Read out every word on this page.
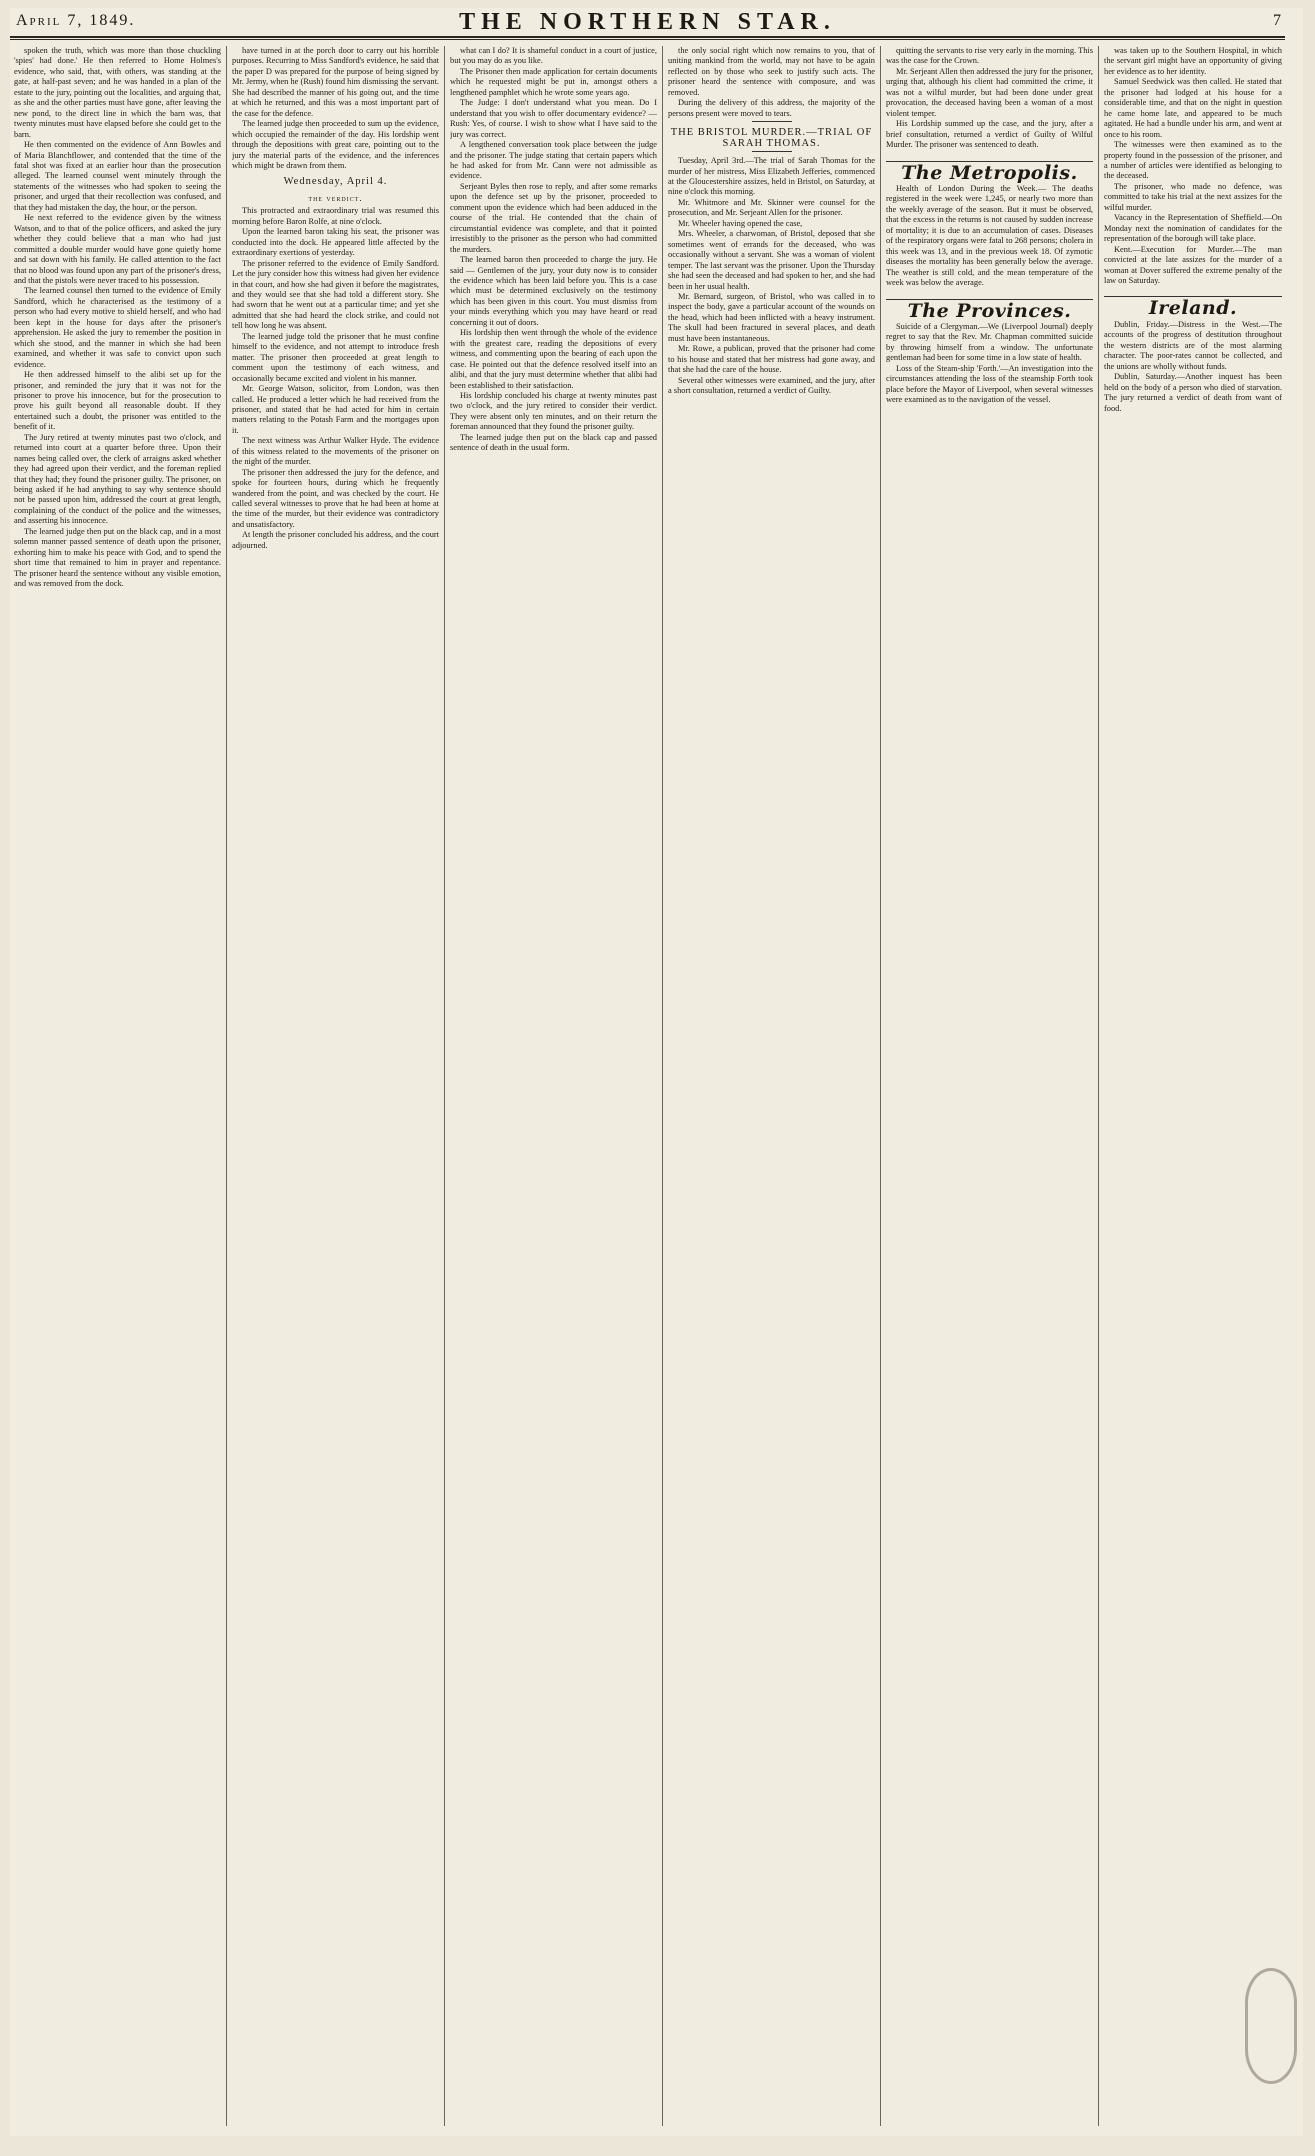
April 7, 1849.	THE NORTHERN STAR.	7

spoken the truth, which was more than those chuckling 'spies' had done.' He then referred to Home Holmes's evidence, who said, that, with others, was standing at the gate, at half-past seven; and he was handed in a plan of the estate to the jury, pointing out the localities, and arguing that, as she and the other parties must have gone, after leaving the new pond, to the direct line in which the barn was, that twenty minutes must have elapsed before she could get to the barn.

He then commented on the evidence of Ann Bowles and of Maria Blanchflower, and contended that the time of the fatal shot was fixed at an earlier hour than the prosecution alleged. The learned counsel went minutely through the statements of the witnesses who had spoken to seeing the prisoner, and urged that their recollection was confused, and that they had mistaken the day, the hour, or the person.

He next referred to the evidence given by the witness Watson, and to that of the police officers, and asked the jury whether they could believe that a man who had just committed a double murder would have gone quietly home and sat down with his family. He called attention to the fact that no blood was found upon any part of the prisoner's dress, and that the pistols were never traced to his possession.

The learned counsel then turned to the evidence of Emily Sandford, which he characterised as the testimony of a person who had every motive to shield herself, and who had been kept in the house for days after the prisoner's apprehension. He asked the jury to remember the position in which she stood, and the manner in which she had been examined, and whether it was safe to convict upon such evidence.

He then addressed himself to the alibi set up for the prisoner, and reminded the jury that it was not for the prisoner to prove his innocence, but for the prosecution to prove his guilt beyond all reasonable doubt. If they entertained such a doubt, the prisoner was entitled to the benefit of it.

The Jury retired at twenty minutes past two o'clock, and returned into court at a quarter before three. Upon their names being called over, the clerk of arraigns asked whether they had agreed upon their verdict, and the foreman replied that they had; they found the prisoner guilty. The prisoner, on being asked if he had anything to say why sentence should not be passed upon him, addressed the court at great length, complaining of the conduct of the police and the witnesses, and asserting his innocence.

The learned judge then put on the black cap, and in a most solemn manner passed sentence of death upon the prisoner, exhorting him to make his peace with God, and to spend the short time that remained to him in prayer and repentance. The prisoner heard the sentence without any visible emotion, and was removed from the dock.

have turned in at the porch door to carry out his horrible purposes. Recurring to Miss Sandford's evidence, he said that the paper D was prepared for the purpose of being signed by Mr. Jermy, when he (Rush) found him dismissing the servant. She had described the manner of his going out, and the time at which he returned, and this was a most important part of the case for the defence.

The learned judge then proceeded to sum up the evidence, which occupied the remainder of the day. His lordship went through the depositions with great care, pointing out to the jury the material parts of the evidence, and the inferences which might be drawn from them.

Wednesday, April 4.
the verdict.

This protracted and extraordinary trial was resumed this morning before Baron Rolfe, at nine o'clock.

Upon the learned baron taking his seat, the prisoner was conducted into the dock. He appeared little affected by the extraordinary exertions of yesterday.

The prisoner referred to the evidence of Emily Sandford. Let the jury consider how this witness had given her evidence in that court, and how she had given it before the magistrates, and they would see that she had told a different story. She had sworn that he went out at a particular time; and yet she admitted that she had heard the clock strike, and could not tell how long he was absent.

The learned judge told the prisoner that he must confine himself to the evidence, and not attempt to introduce fresh matter. The prisoner then proceeded at great length to comment upon the testimony of each witness, and occasionally became excited and violent in his manner.

Mr. George Watson, solicitor, from London, was then called. He produced a letter which he had received from the prisoner, and stated that he had acted for him in certain matters relating to the Potash Farm and the mortgages upon it.

The next witness was Arthur Walker Hyde. The evidence of this witness related to the movements of the prisoner on the night of the murder.

The prisoner then addressed the jury for the defence, and spoke for fourteen hours, during which he frequently wandered from the point, and was checked by the court. He called several witnesses to prove that he had been at home at the time of the murder, but their evidence was contradictory and unsatisfactory.

At length the prisoner concluded his address, and the court adjourned.

what can I do? It is shameful conduct in a court of justice, but you may do as you like.

The Prisoner then made application for certain documents which he requested might be put in, amongst others a lengthened pamphlet which he wrote some years ago.

The Judge: I don't understand what you mean. Do I understand that you wish to offer documentary evidence? — Rush: Yes, of course. I wish to show what I have said to the jury was correct.

A lengthened conversation took place between the judge and the prisoner. The judge stating that certain papers which he had asked for from Mr. Cann were not admissible as evidence.

Serjeant Byles then rose to reply, and after some remarks upon the defence set up by the prisoner, proceeded to comment upon the evidence which had been adduced in the course of the trial. He contended that the chain of circumstantial evidence was complete, and that it pointed irresistibly to the prisoner as the person who had committed the murders.

The learned baron then proceeded to charge the jury. He said — Gentlemen of the jury, your duty now is to consider the evidence which has been laid before you. This is a case which must be determined exclusively on the testimony which has been given in this court. You must dismiss from your minds everything which you may have heard or read concerning it out of doors.

His lordship then went through the whole of the evidence with the greatest care, reading the depositions of every witness, and commenting upon the bearing of each upon the case. He pointed out that the defence resolved itself into an alibi, and that the jury must determine whether that alibi had been established to their satisfaction.

His lordship concluded his charge at twenty minutes past two o'clock, and the jury retired to consider their verdict. They were absent only ten minutes, and on their return the foreman announced that they found the prisoner guilty.

The learned judge then put on the black cap and passed sentence of death in the usual form.

the only social right which now remains to you, that of uniting mankind from the world, may not have to be again reflected on by those who seek to justify such acts. The prisoner heard the sentence with composure, and was removed.

During the delivery of this address, the majority of the persons present were moved to tears.

THE BRISTOL MURDER.—TRIAL OF SARAH THOMAS.

Tuesday, April 3rd.—The trial of Sarah Thomas for the murder of her mistress, Miss Elizabeth Jefferies, commenced at the Gloucestershire assizes, held in Bristol, on Saturday, at nine o'clock this morning.

Mr. Whitmore and Mr. Skinner were counsel for the prosecution, and Mr. Serjeant Allen for the prisoner.

Mr. Wheeler having opened the case,

Mrs. Wheeler, a charwoman, of Bristol, deposed that she sometimes went of errands for the deceased, who was occasionally without a servant. She was a woman of violent temper. The last servant was the prisoner. Upon the Thursday she had seen the deceased and had spoken to her, and she had been in her usual health.

Mr. Bernard, surgeon, of Bristol, who was called in to inspect the body, gave a particular account of the wounds on the head, which had been inflicted with a heavy instrument. The skull had been fractured in several places, and death must have been instantaneous.

Mr. Rowe, a publican, proved that the prisoner had come to his house and stated that her mistress had gone away, and that she had the care of the house.

Several other witnesses were examined, and the jury, after a short consultation, returned a verdict of Guilty.

quitting the servants to rise very early in the morning. This was the case for the Crown.

Mr. Serjeant Allen then addressed the jury for the prisoner, urging that, although his client had committed the crime, it was not a wilful murder, but had been done under great provocation, the deceased having been a woman of a most violent temper.

His Lordship summed up the case, and the jury, after a brief consultation, returned a verdict of Guilty of Wilful Murder. The prisoner was sentenced to death.

The Metropolis.

Health of London During the Week.— The deaths registered in the week were 1,245, or nearly two more than the weekly average of the season. But it must be observed, that the excess in the returns is not caused by sudden increase of mortality; it is due to an accumulation of cases. Diseases of the respiratory organs were fatal to 268 persons; cholera in this week was 13, and in the previous week 18. Of zymotic diseases the mortality has been generally below the average. The weather is still cold, and the mean temperature of the week was below the average.

The Provinces.

Suicide of a Clergyman.—We (Liverpool Journal) deeply regret to say that the Rev. Mr. Chapman committed suicide by throwing himself from a window. The unfortunate gentleman had been for some time in a low state of health.

Loss of the Steam-ship 'Forth.'—An investigation into the circumstances attending the loss of the steamship Forth took place before the Mayor of Liverpool, when several witnesses were examined as to the navigation of the vessel.

was taken up to the Southern Hospital, in which the servant girl might have an opportunity of giving her evidence as to her identity.

Samuel Seedwick was then called. He stated that the prisoner had lodged at his house for a considerable time, and that on the night in question he came home late, and appeared to be much agitated. He had a bundle under his arm, and went at once to his room.

The witnesses were then examined as to the property found in the possession of the prisoner, and a number of articles were identified as belonging to the deceased.

The prisoner, who made no defence, was committed to take his trial at the next assizes for the wilful murder.

Vacancy in the Representation of Sheffield.—On Monday next the nomination of candidates for the representation of the borough will take place.

Kent.—Execution for Murder.—The man convicted at the late assizes for the murder of a woman at Dover suffered the extreme penalty of the law on Saturday.

Ireland.

Dublin, Friday.—Distress in the West.—The accounts of the progress of destitution throughout the western districts are of the most alarming character. The poor-rates cannot be collected, and the unions are wholly without funds.

Dublin, Saturday.—Another inquest has been held on the body of a person who died of starvation. The jury returned a verdict of death from want of food.
